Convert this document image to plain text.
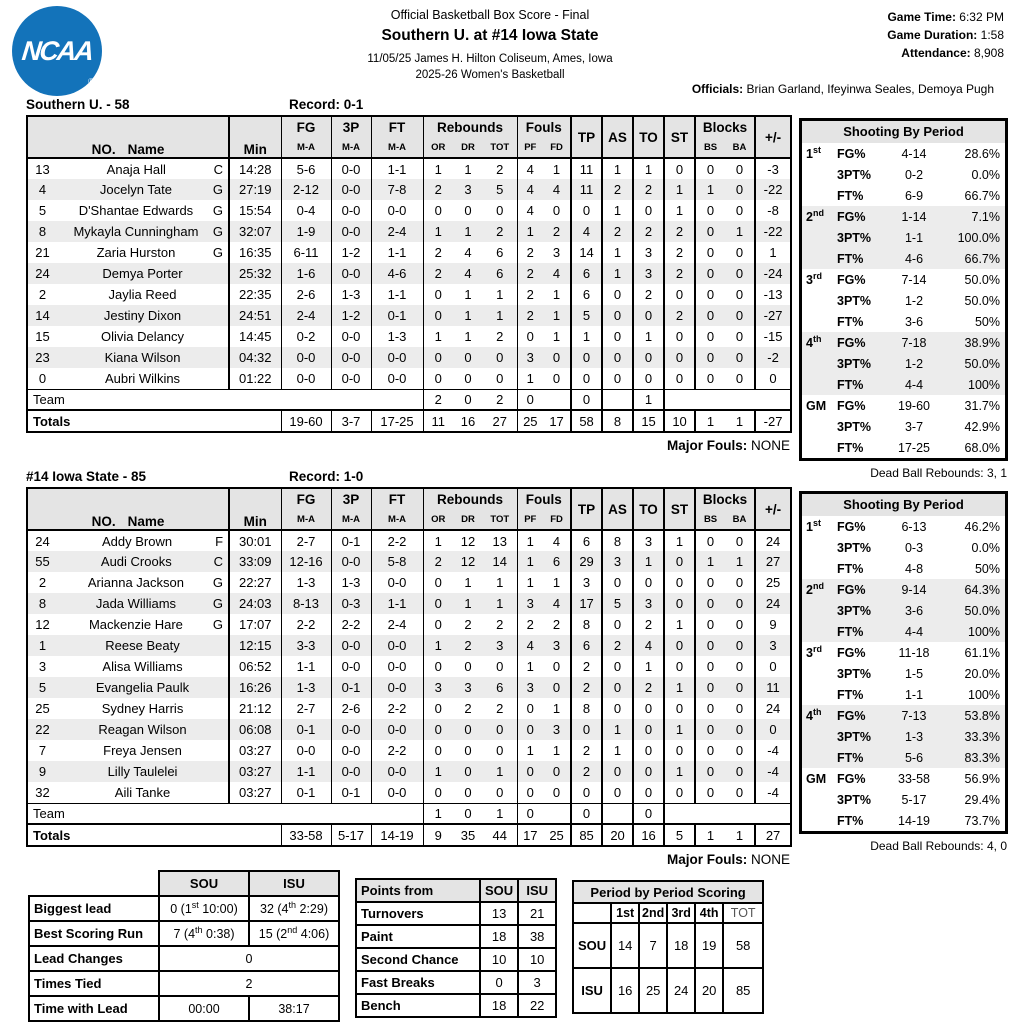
NCAA
®
Official Basketball Box Score - Final
Southern U. at #14 Iowa State
11/05/25 James H. Hilton Coliseum, Ames, Iowa
2025-26 Women's Basketball
Game Time: 6:32 PM
Game Duration: 1:58
Attendance: 8,908
Officials: Brian Garland, Ifeyinwa Seales, Demoya Pugh
Southern U. - 58	Record: 0-1
NO. Name		Min	FG	3P	FT	Rebounds			Fouls		TP	AS	TO	ST	Blocks		+/-
			M-A	M-A	M-A	OR	DR	TOT	PF	FD					BS	BA	
13	Anaja Hall C	14:28	5-6	0-0	1-1	1	1	2	4	1	11	1	1	0	0	0	-3
4	Jocelyn Tate G	27:19	2-12	0-0	7-8	2	3	5	4	4	11	2	2	1	1	0	-22
5	D'Shantae Edwards G	15:54	0-4	0-0	0-0	0	0	0	4	0	0	1	0	1	0	0	-8
8	Mykayla Cunningham G	32:07	1-9	0-0	2-4	1	1	2	1	2	4	2	2	2	0	1	-22
21	Zaria Hurston G	16:35	6-11	1-2	1-1	2	4	6	2	3	14	1	3	2	0	0	1
24	Demya Porter	25:32	1-6	0-0	4-6	2	4	6	2	4	6	1	3	2	0	0	-24
2	Jaylia Reed	22:35	2-6	1-3	1-1	0	1	1	2	1	6	0	2	0	0	0	-13
14	Jestiny Dixon	24:51	2-4	1-2	0-1	0	1	1	2	1	5	0	0	2	0	0	-27
15	Olivia Delancy	14:45	0-2	0-0	1-3	1	1	2	0	1	1	0	1	0	0	0	-15
23	Kiana Wilson	04:32	0-0	0-0	0-0	0	0	0	3	0	0	0	0	0	0	0	-2
0	Aubri Wilkins	01:22	0-0	0-0	0-0	0	0	0	1	0	0	0	0	0	0	0	0
Team						2	0	2	0		0		1				
Totals			19-60	3-7	17-25	11	16	27	25	17	58	8	15	10	1	1	-27
Major Fouls: NONE
#14 Iowa State - 85	Record: 1-0
NO. Name		Min	FG	3P	FT	Rebounds			Fouls		TP	AS	TO	ST	Blocks		+/-
			M-A	M-A	M-A	OR	DR	TOT	PF	FD					BS	BA	
24	Addy Brown F	30:01	2-7	0-1	2-2	1	12	13	1	4	6	8	3	1	0	0	24
55	Audi Crooks C	33:09	12-16	0-0	5-8	2	12	14	1	6	29	3	1	0	1	1	27
2	Arianna Jackson G	22:27	1-3	1-3	0-0	0	1	1	1	1	3	0	0	0	0	0	25
8	Jada Williams G	24:03	8-13	0-3	1-1	0	1	1	3	4	17	5	3	0	0	0	24
12	Mackenzie Hare G	17:07	2-2	2-2	2-4	0	2	2	2	2	8	0	2	1	0	0	9
1	Reese Beaty	12:15	3-3	0-0	0-0	1	2	3	4	3	6	2	4	0	0	0	3
3	Alisa Williams	06:52	1-1	0-0	0-0	0	0	0	1	0	2	0	1	0	0	0	0
5	Evangelia Paulk	16:26	1-3	0-1	0-0	3	3	6	3	0	2	0	2	1	0	0	11
25	Sydney Harris	21:12	2-7	2-6	2-2	0	2	2	0	1	8	0	0	0	0	0	24
22	Reagan Wilson	06:08	0-1	0-0	0-0	0	0	0	0	3	0	1	0	1	0	0	0
7	Freya Jensen	03:27	0-0	0-0	2-2	0	0	0	1	1	2	1	0	0	0	0	-4
9	Lilly Taulelei	03:27	1-1	0-0	0-0	1	0	1	0	0	2	0	0	1	0	0	-4
32	Aili Tanke	03:27	0-1	0-1	0-0	0	0	0	0	0	0	0	0	0	0	0	-4
Team						1	0	1	0		0		0				
Totals			33-58	5-17	14-19	9	35	44	17	25	85	20	16	5	1	1	27
Major Fouls: NONE
Shooting By Period
1st	FG%	4-14	28.6%
3PT%	0-2	0.0%
FT%	6-9	66.7%
2nd	FG%	1-14	7.1%
3PT%	1-1	100.0%
FT%	4-6	66.7%
3rd	FG%	7-14	50.0%
3PT%	1-2	50.0%
FT%	3-6	50%
4th	FG%	7-18	38.9%
3PT%	1-2	50.0%
FT%	4-4	100%
GM FG%	19-60	31.7%
3PT%	3-7	42.9%
FT%	17-25	68.0%
Dead Ball Rebounds: 3, 1
Shooting By Period
1st	FG%	6-13	46.2%
3PT%	0-3	0.0%
FT%	4-8	50%
2nd	FG%	9-14	64.3%
3PT%	3-6	50.0%
FT%	4-4	100%
3rd	FG%	11-18	61.1%
3PT%	1-5	20.0%
FT%	1-1	100%
4th	FG%	7-13	53.8%
3PT%	1-3	33.3%
FT%	5-6	83.3%
GM FG%	33-58	56.9%
3PT%	5-17	29.4%
FT%	14-19	73.7%
Dead Ball Rebounds: 4, 0
	SOU	ISU
Biggest lead	0 (1st 10:00)	32 (4th 2:29)
Best Scoring Run	7 (4th 0:38)	15 (2nd 4:06)
Lead Changes	0	
Times Tied	2	
Time with Lead	00:00	38:17
Points from	SOU	ISU
Turnovers	13	21
Paint	18	38
Second Chance	10	10
Fast Breaks	0	3
Bench	18	22
Period by Period Scoring					
	1st	2nd	3rd	4th	TOT
SOU	14	7	18	19	58
ISU	16	25	24	20	85
